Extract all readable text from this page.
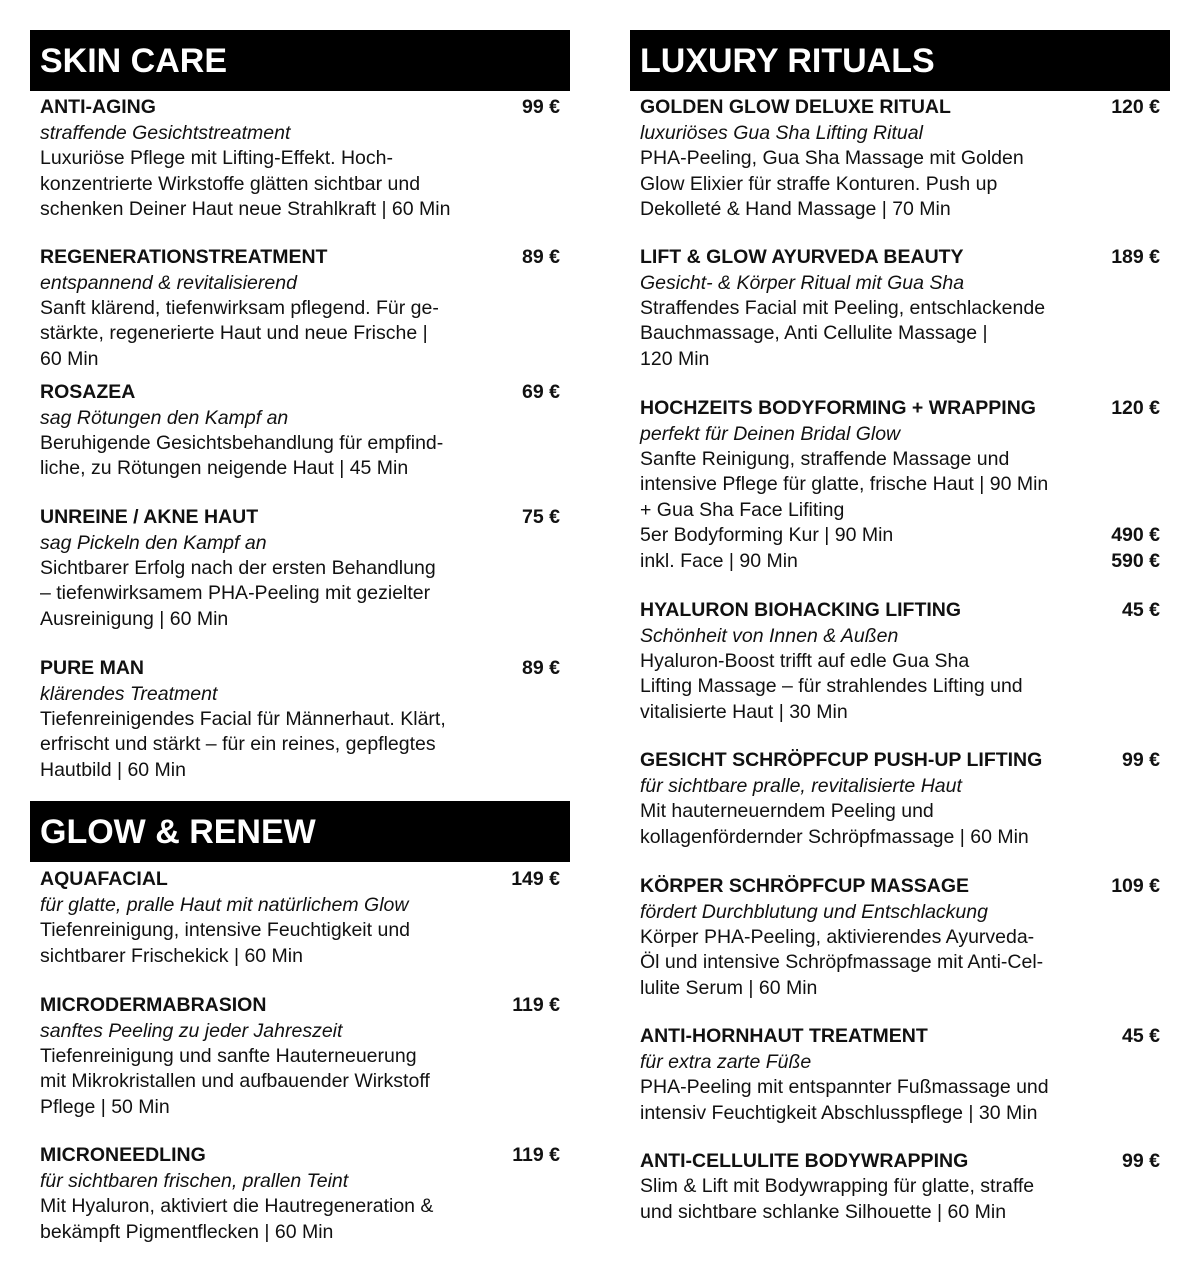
SKIN CARE
ANTI-AGING	99 €
straffende Gesichtstreatment
Luxuriöse Pflege mit Lifting-Effekt. Hoch-
konzentrierte Wirkstoffe glätten sichtbar und
schenken Deiner Haut neue Strahlkraft | 60 Min
REGENERATIONSTREATMENT	89 €
entspannend & revitalisierend
Sanft klärend, tiefenwirksam pflegend. Für ge-
stärkte, regenerierte Haut und neue Frische |
60 Min
ROSAZEA	69 €
sag Rötungen den Kampf an
Beruhigende Gesichtsbehandlung für empfind-
liche, zu Rötungen neigende Haut | 45 Min
UNREINE / AKNE HAUT	75 €
sag Pickeln den Kampf an
Sichtbarer Erfolg nach der ersten Behandlung
– tiefenwirksamem PHA-Peeling mit gezielter
Ausreinigung | 60 Min
PURE MAN	89 €
klärendes Treatment
Tiefenreinigendes Facial für Männerhaut. Klärt,
erfrischt und stärkt – für ein reines, gepflegtes
Hautbild | 60 Min
GLOW & RENEW
AQUAFACIAL	149 €
für glatte, pralle Haut mit natürlichem Glow
Tiefenreinigung, intensive Feuchtigkeit und
sichtbarer Frischekick | 60 Min
MICRODERMABRASION	119 €
sanftes Peeling zu jeder Jahreszeit
Tiefenreinigung und sanfte Hauterneuerung
mit Mikrokristallen und aufbauender Wirkstoff
Pflege | 50 Min
MICRONEEDLING	119 €
für sichtbaren frischen, prallen Teint
Mit Hyaluron, aktiviert die Hautregeneration &
bekämpft Pigmentflecken | 60 Min
LUXURY RITUALS
GOLDEN GLOW DELUXE RITUAL	120 €
luxuriöses Gua Sha Lifting Ritual
PHA-Peeling, Gua Sha Massage mit Golden
Glow Elixier für straffe Konturen. Push up
Dekolleté & Hand Massage | 70 Min
LIFT & GLOW AYURVEDA BEAUTY	189 €
Gesicht- & Körper Ritual mit Gua Sha
Straffendes Facial mit Peeling, entschlackende
Bauchmassage, Anti Cellulite Massage |
120 Min
HOCHZEITS BODYFORMING + WRAPPING	120 €
perfekt für Deinen Bridal Glow
Sanfte Reinigung, straffende Massage und
intensive Pflege für glatte, frische Haut | 90 Min
+ Gua Sha Face Lifiting
5er Bodyforming Kur | 90 Min	490 €
inkl. Face | 90 Min	590 €
HYALURON BIOHACKING LIFTING	45 €
Schönheit von Innen & Außen
Hyaluron-Boost trifft auf edle Gua Sha
Lifting Massage – für strahlendes Lifting und
vitalisierte Haut | 30 Min
GESICHT SCHRÖPFCUP PUSH-UP LIFTING	99 €
für sichtbare pralle, revitalisierte Haut
Mit hauterneuerndem Peeling und
kollagenfördernder Schröpfmassage | 60 Min
KÖRPER SCHRÖPFCUP MASSAGE	109 €
fördert Durchblutung und Entschlackung
Körper PHA-Peeling, aktivierendes Ayurveda-
Öl und intensive Schröpfmassage mit Anti-Cel-
lulite Serum | 60 Min
ANTI-HORNHAUT TREATMENT	45 €
für extra zarte Füße
PHA-Peeling mit entspannter Fußmassage und
intensiv Feuchtigkeit Abschlusspflege | 30 Min
ANTI-CELLULITE BODYWRAPPING	99 €
Slim & Lift mit Bodywrapping für glatte, straffe
und sichtbare schlanke Silhouette | 60 Min
